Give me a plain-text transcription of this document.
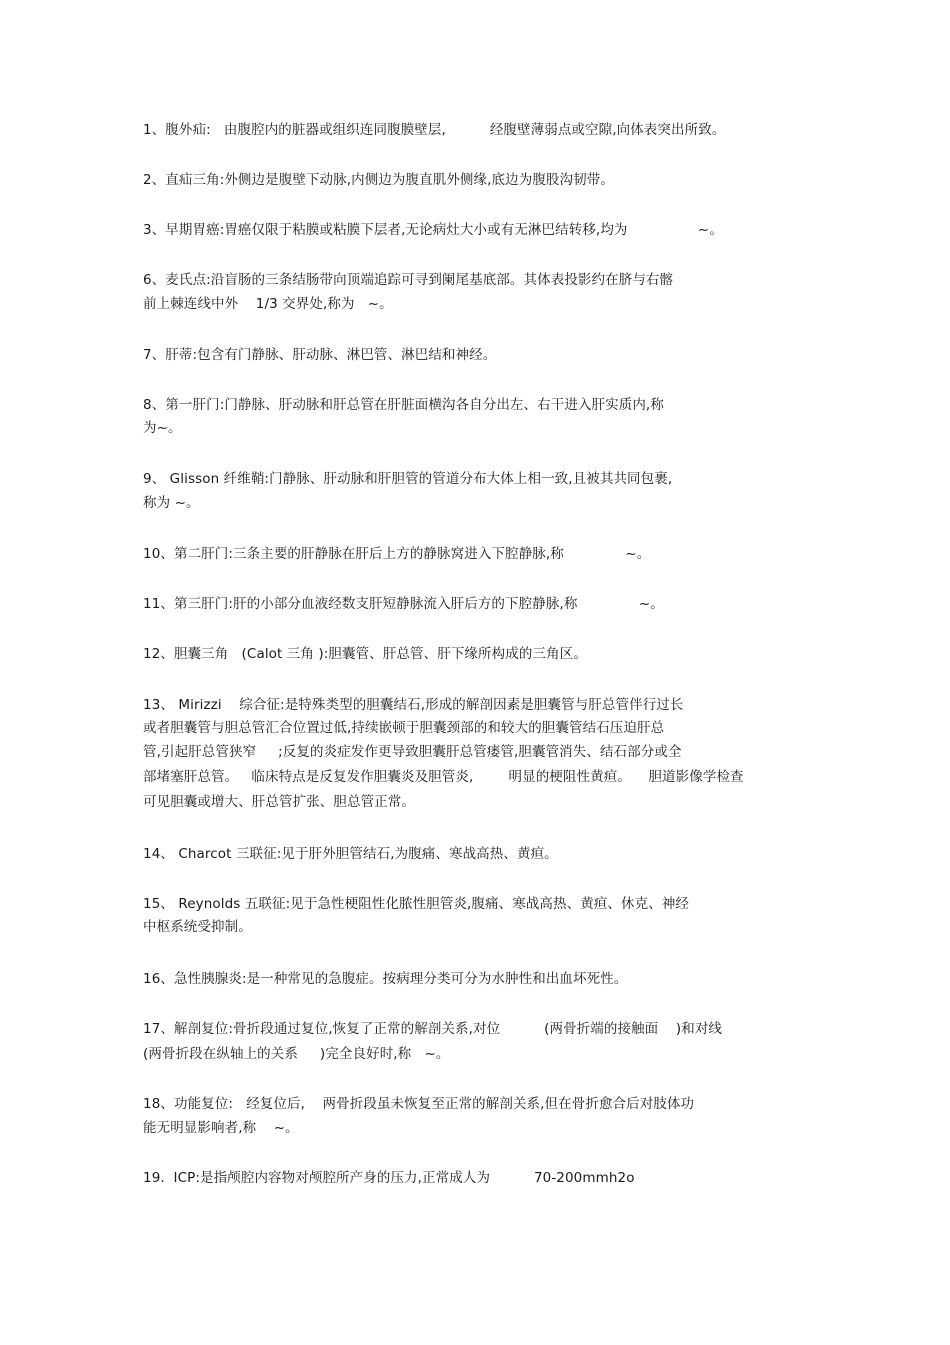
1、腹外疝:   由腹腔内的脏器或组织连同腹膜壁层,          经腹壁薄弱点或空隙,向体表突出所致。
2、直疝三角:外侧边是腹壁下动脉,内侧边为腹直肌外侧缘,底边为腹股沟韧带。
3、早期胃癌:胃癌仅限于粘膜或粘膜下层者,无论病灶大小或有无淋巴结转移,均为                ~。
6、麦氏点:沿盲肠的三条结肠带向顶端追踪可寻到阑尾基底部。其体表投影约在脐与右髂
前上棘连线中外    1/3 交界处,称为   ~。
7、肝蒂:包含有门静脉、肝动脉、淋巴管、淋巴结和神经。
8、第一肝门:门静脉、肝动脉和肝总管在肝脏面横沟各自分出左、右干进入肝实质内,称
为~。
9、 Glisson 纤维鞘:门静脉、肝动脉和肝胆管的管道分布大体上相一致,且被其共同包裹,
称为 ~。
10、第二肝门:三条主要的肝静脉在肝后上方的静脉窝进入下腔静脉,称              ~。
11、第三肝门:肝的小部分血液经数支肝短静脉流入肝后方的下腔静脉,称              ~。
12、胆囊三角   (Calot 三角 ):胆囊管、肝总管、肝下缘所构成的三角区。
13、 Mirizzi    综合征:是特殊类型的胆囊结石,形成的解剖因素是胆囊管与肝总管伴行过长
或者胆囊管与胆总管汇合位置过低,持续嵌顿于胆囊颈部的和较大的胆囊管结石压迫肝总
管,引起肝总管狭窄     ;反复的炎症发作更导致胆囊肝总管瘘管,胆囊管消失、结石部分或全
部堵塞肝总管。   临床特点是反复发作胆囊炎及胆管炎,        明显的梗阻性黄疸。    胆道影像学检查
可见胆囊或增大、肝总管扩张、胆总管正常。
14、 Charcot 三联征:见于肝外胆管结石,为腹痛、寒战高热、黄疸。
15、 Reynolds 五联征:见于急性梗阻性化脓性胆管炎,腹痛、寒战高热、黄疸、休克、神经
中枢系统受抑制。
16、急性胰腺炎:是一种常见的急腹症。按病理分类可分为水肿性和出血坏死性。
17、解剖复位:骨折段通过复位,恢复了正常的解剖关系,对位          (两骨折端的接触面    )和对线
(两骨折段在纵轴上的关系     )完全良好时,称   ~。
18、功能复位:   经复位后,    两骨折段虽未恢复至正常的解剖关系,但在骨折愈合后对肢体功
能无明显影响者,称    ~。
19.  ICP:是指颅腔内容物对颅腔所产身的压力,正常成人为          70-200mmh2o
